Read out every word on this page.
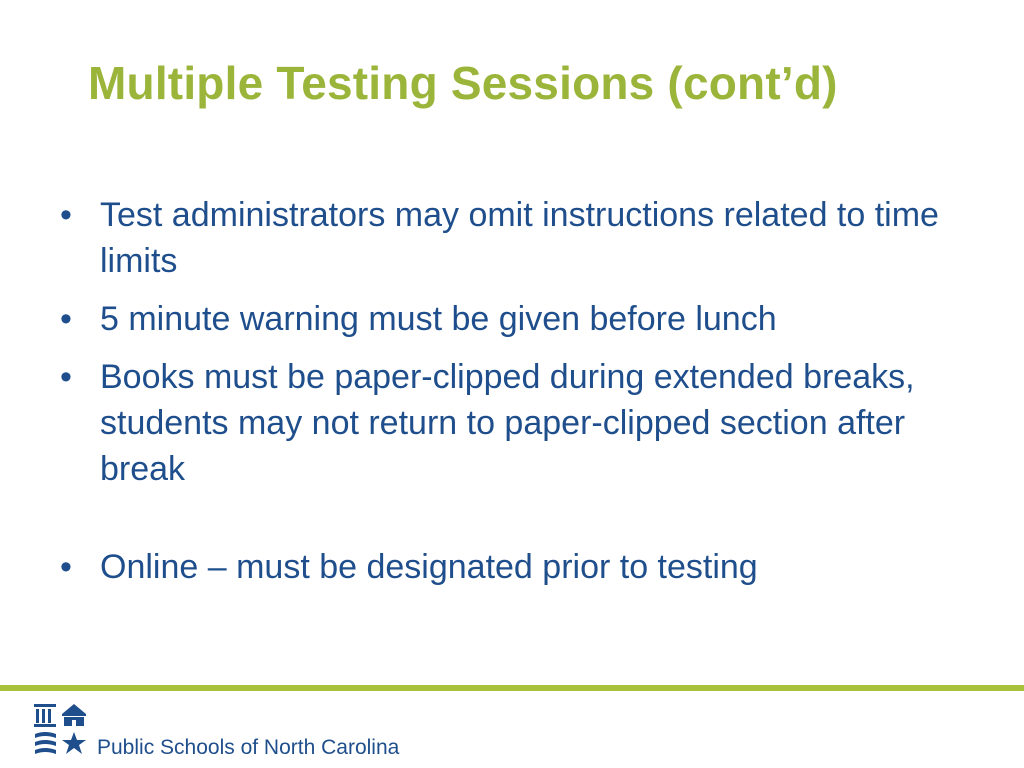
Multiple Testing Sessions (cont’d)
• Test administrators may omit instructions related to time limits
• 5 minute warning must be given before lunch
• Books must be paper-clipped during extended breaks, students may not return to paper-clipped section after break
• Online – must be designated prior to testing
Public Schools of North Carolina
